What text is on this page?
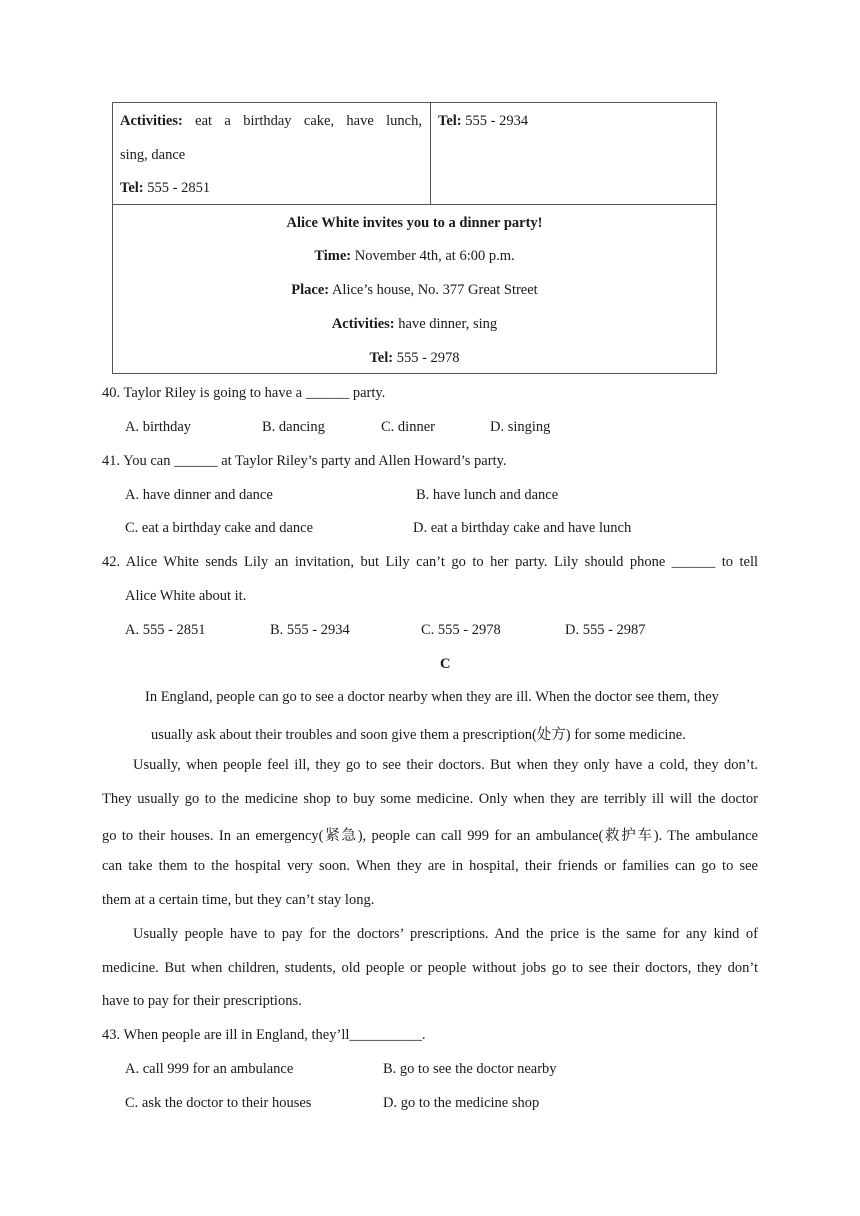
Activities: eat a birthday cake, have lunch,
sing, dance
Tel: 555 - 2851
Tel: 555 - 2934
Alice White invites you to a dinner party!
Time: November 4th, at 6:00 p.m.
Place: Alice’s house, No. 377 Great Street
Activities: have dinner, sing
Tel: 555 - 2978
40. Taylor Riley is going to have a ______ party.
A. birthday	B. dancing	C. dinner	D. singing
41. You can ______ at Taylor Riley’s party and Allen Howard’s party.
A. have dinner and dance	B. have lunch and dance
C. eat a birthday cake and dance	D. eat a birthday cake and have lunch
42. Alice White sends Lily an invitation, but Lily can’t go to her party. Lily should phone ______ to tell
Alice White about it.
A. 555 - 2851	B. 555 - 2934	C. 555 - 2978	D. 555 - 2987
C
In England, people can go to see a doctor nearby when they are ill. When the doctor see them, they
usually ask about their troubles and soon give them a prescription(处方) for some medicine.
Usually, when people feel ill, they go to see their doctors. But when they only have a cold, they don’t.
They usually go to the medicine shop to buy some medicine. Only when they are terribly ill will the doctor
go to their houses. In an emergency(紧急), people can call 999 for an ambulance(救护车). The ambulance
can take them to the hospital very soon. When they are in hospital, their friends or families can go to see
them at a certain time, but they can’t stay long.
Usually people have to pay for the doctors’ prescriptions. And the price is the same for any kind of
medicine. But when children, students, old people or people without jobs go to see their doctors, they don’t
have to pay for their prescriptions.
43. When people are ill in England, they’ll__________.
A. call 999 for an ambulance	B. go to see the doctor nearby
C. ask the doctor to their houses	D. go to the medicine shop
